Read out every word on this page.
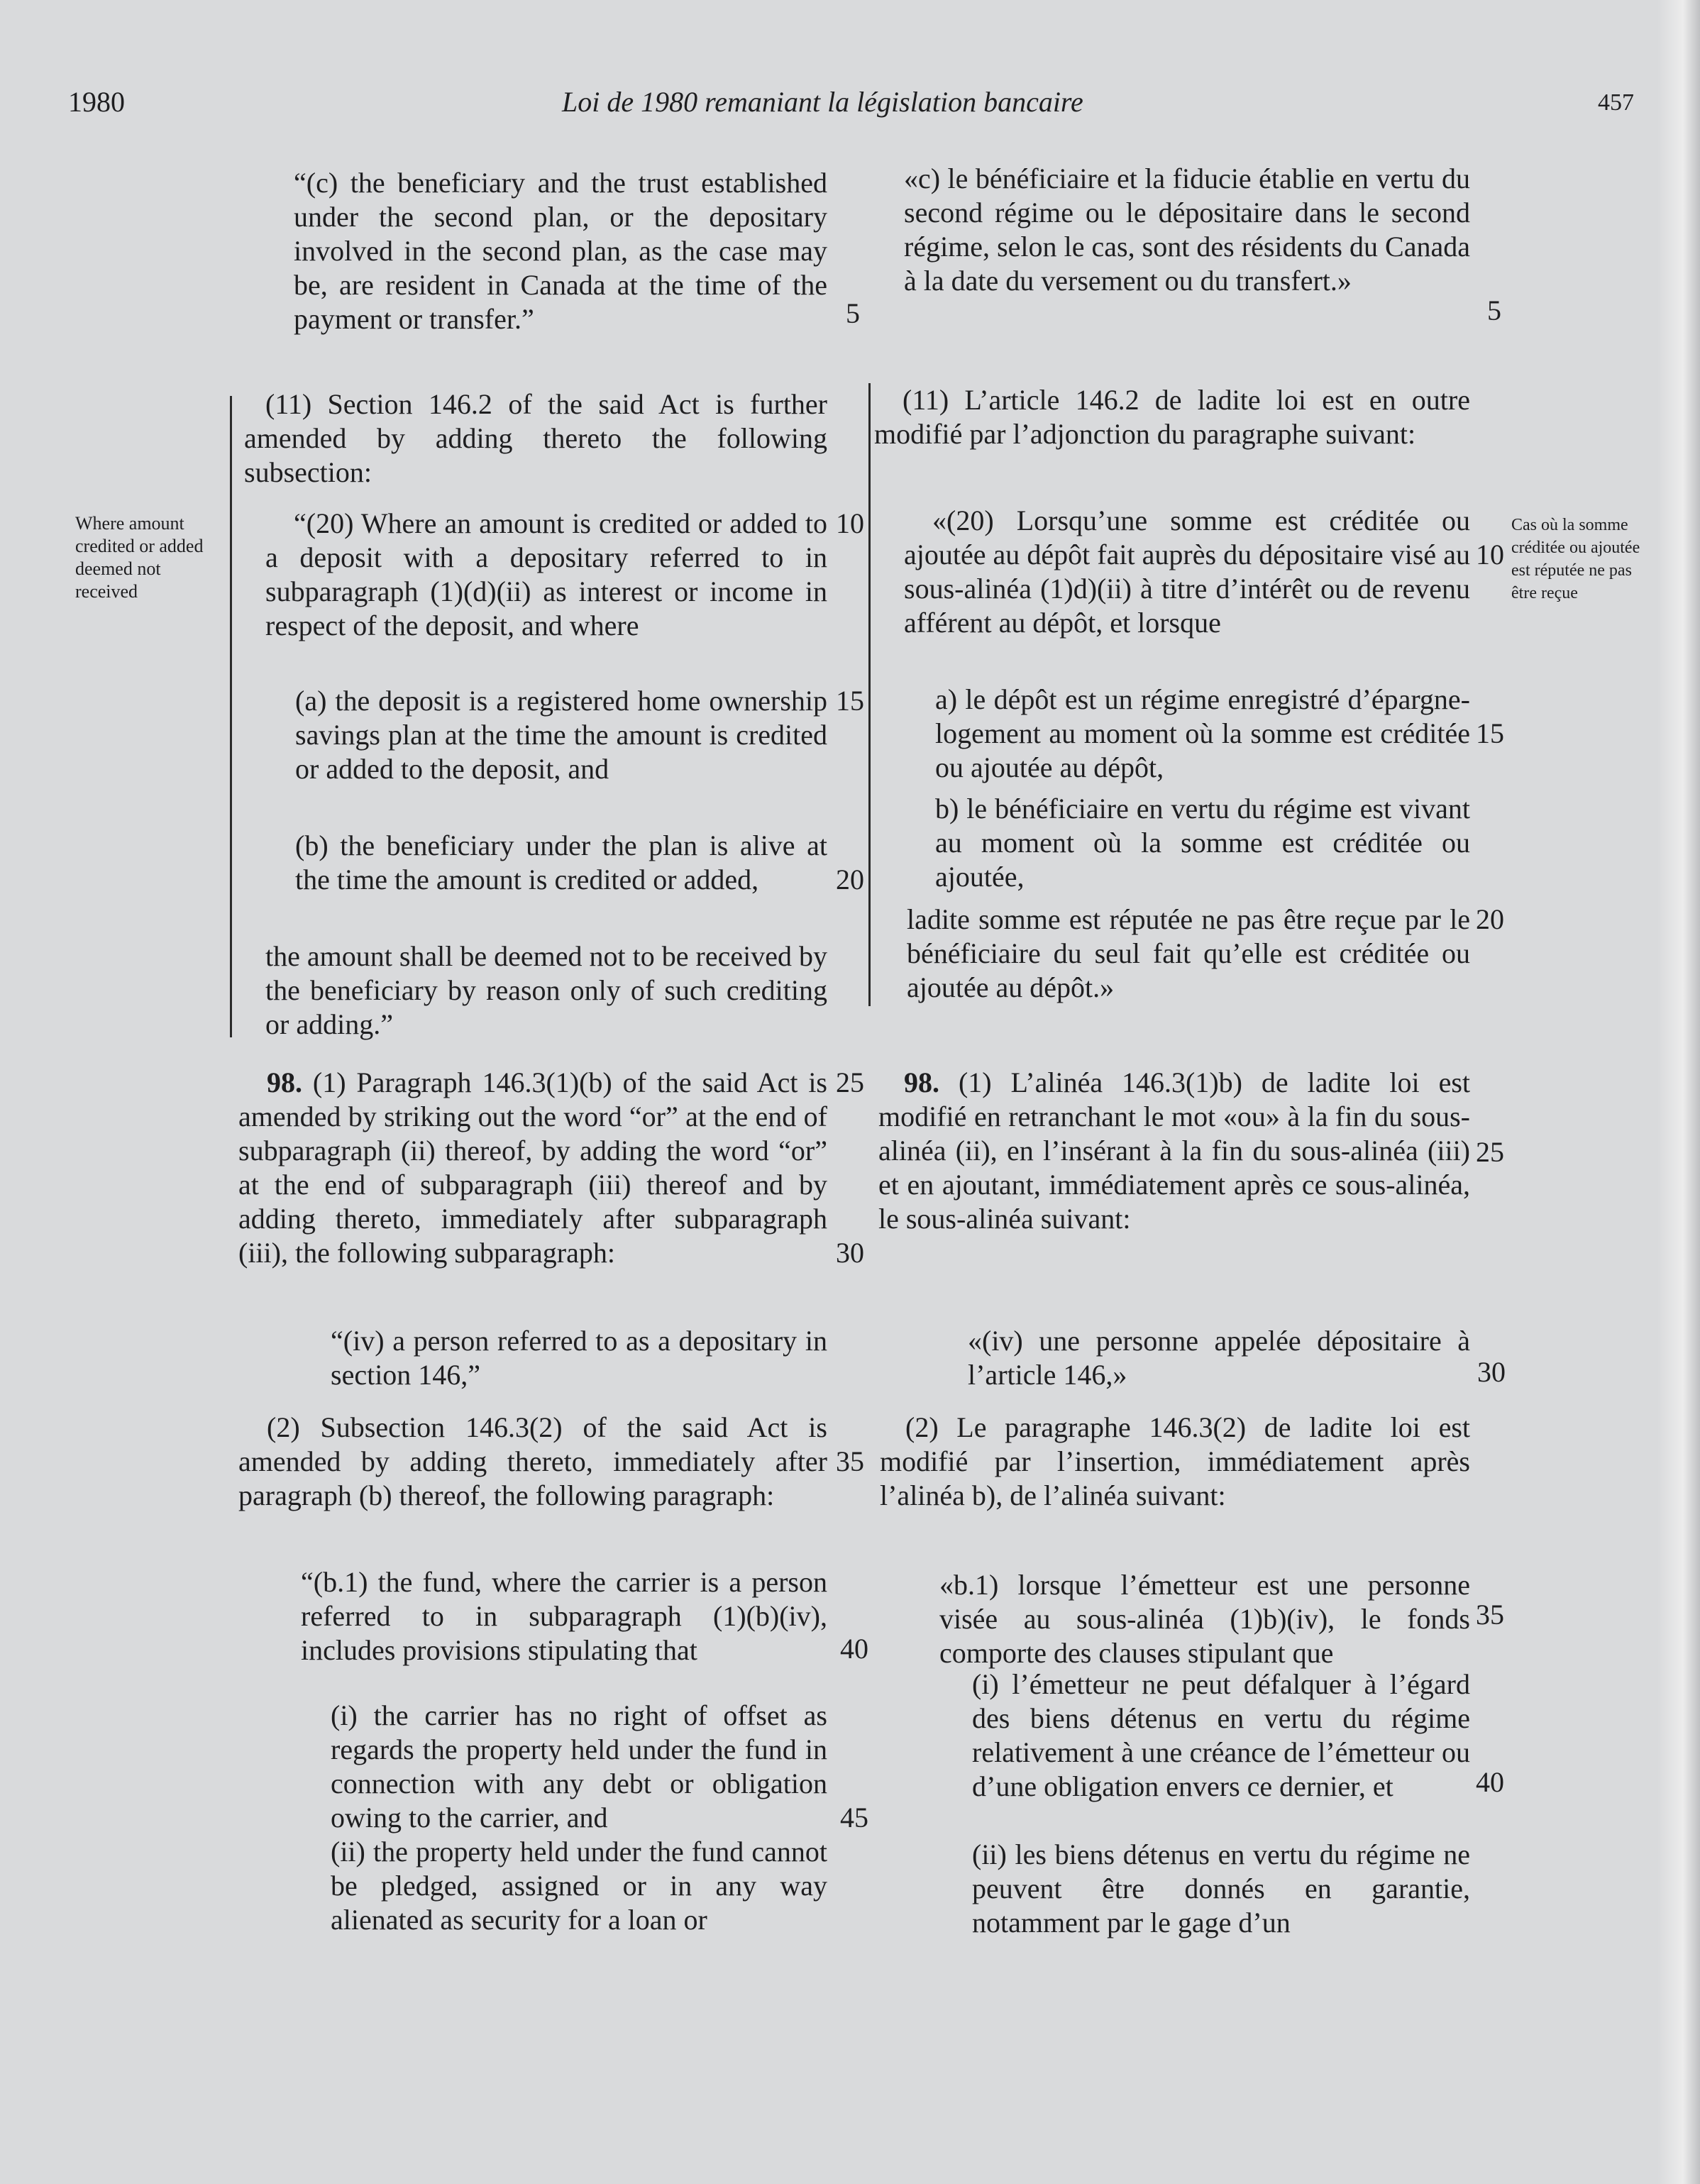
1980	Loi de 1980 remaniant la législation bancaire	457
Where amount credited or added deemed not received
Cas où la somme créditée ou ajoutée est réputée ne pas être reçue
“(c) the beneficiary and the trust established under the second plan, or the depositary involved in the second plan, as the case may be, are resident in Canada at the time of the payment or transfer.”
(11) Section 146.2 of the said Act is further amended by adding thereto the following subsection:
“(20) Where an amount is credited or added to a deposit with a depositary referred to in subparagraph (1)(d)(ii) as interest or income in respect of the deposit, and where
(a) the deposit is a registered home ownership savings plan at the time the amount is credited or added to the deposit, and
(b) the beneficiary under the plan is alive at the time the amount is credited or added,
the amount shall be deemed not to be received by the beneficiary by reason only of such crediting or adding.”
98. (1) Paragraph 146.3(1)(b) of the said Act is amended by striking out the word “or” at the end of subparagraph (ii) thereof, by adding the word “or” at the end of subparagraph (iii) thereof and by adding thereto, immediately after subparagraph (iii), the following subparagraph:
“(iv) a person referred to as a depositary in section 146,”
(2) Subsection 146.3(2) of the said Act is amended by adding thereto, immediately after paragraph (b) thereof, the following paragraph:
“(b.1) the fund, where the carrier is a person referred to in subparagraph (1)(b)(iv), includes provisions stipulating that
(i) the carrier has no right of offset as regards the property held under the fund in connection with any debt or obligation owing to the carrier, and
(ii) the property held under the fund cannot be pledged, assigned or in any way alienated as security for a loan or
5
10
15
20
25
30
35
40
45
«c) le bénéficiaire et la fiducie établie en vertu du second régime ou le dépositaire dans le second régime, selon le cas, sont des résidents du Canada à la date du versement ou du transfert.»
(11) L’article 146.2 de ladite loi est en outre modifié par l’adjonction du paragraphe suivant:
«(20) Lorsqu’une somme est créditée ou ajoutée au dépôt fait auprès du dépositaire visé au sous-alinéa (1)d)(ii) à titre d’intérêt ou de revenu afférent au dépôt, et lorsque
a) le dépôt est un régime enregistré d’épargne-logement au moment où la somme est créditée ou ajoutée au dépôt,
b) le bénéficiaire en vertu du régime est vivant au moment où la somme est créditée ou ajoutée,
ladite somme est réputée ne pas être reçue par le bénéficiaire du seul fait qu’elle est créditée ou ajoutée au dépôt.»
98. (1) L’alinéa 146.3(1)b) de ladite loi est modifié en retranchant le mot «ou» à la fin du sous-alinéa (ii), en l’insérant à la fin du sous-alinéa (iii) et en ajoutant, immédiatement après ce sous-alinéa, le sous-alinéa suivant:
«(iv) une personne appelée dépositaire à l’article 146,»
(2) Le paragraphe 146.3(2) de ladite loi est modifié par l’insertion, immédiatement après l’alinéa b), de l’alinéa suivant:
«b.1) lorsque l’émetteur est une personne visée au sous-alinéa (1)b)(iv), le fonds comporte des clauses stipulant que
(i) l’émetteur ne peut défalquer à l’égard des biens détenus en vertu du régime relativement à une créance de l’émetteur ou d’une obligation envers ce dernier, et
(ii) les biens détenus en vertu du régime ne peuvent être donnés en garantie, notamment par le gage d’un
5
10
15
20
25
30
35
40
